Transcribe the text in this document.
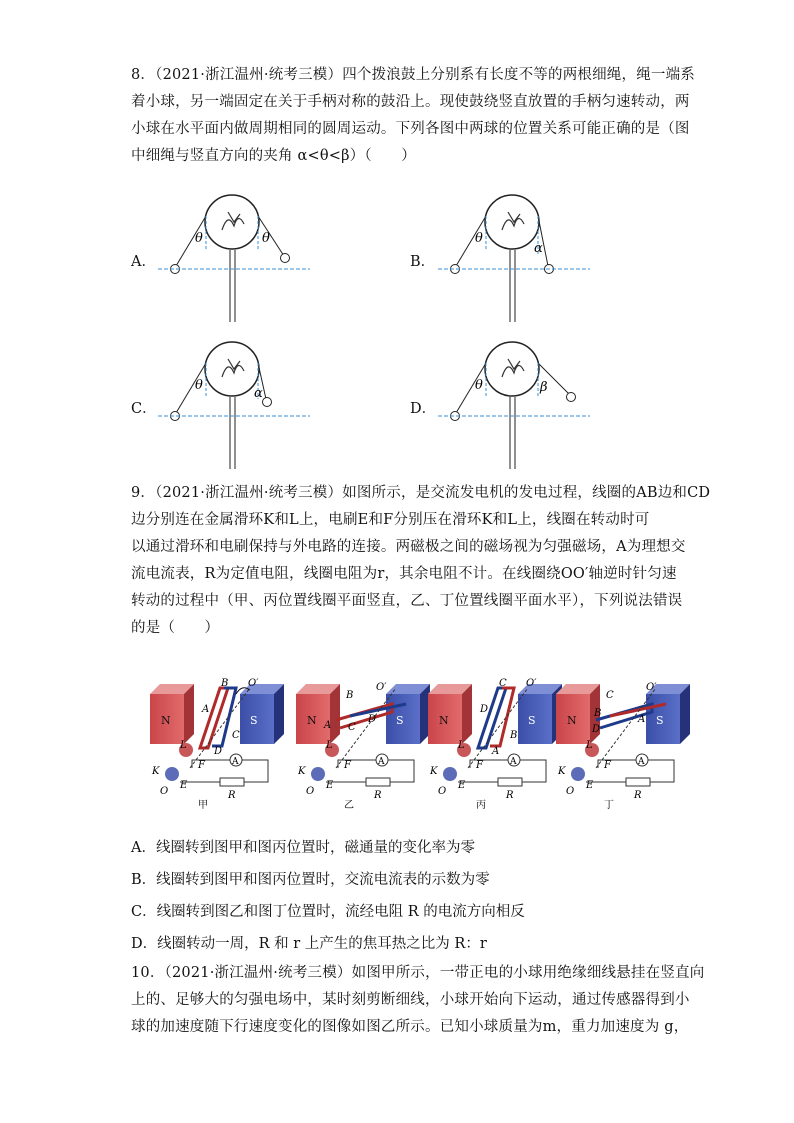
8．（2021·浙江温州·统考三模）四个拨浪鼓上分别系有长度不等的两根细绳，绳一端系
着小球，另一端固定在关于手柄对称的鼓沿上。现使鼓绕竖直放置的手柄匀速转动，两
小球在水平面内做周期相同的圆周运动。下列各图中两球的位置关系可能正确的是（图
中细绳与竖直方向的夹角 α<θ<β）（　　）
A．	B．
C．	D．
θ	θ	θ
α
θ
α
θ	β
9．（2021·浙江温州·统考三模）如图所示，是交流发电机的发电过程，线圈的AB边和CD
边分别连在金属滑环K和L上，电刷E和F分别压在滑环K和L上，线圈在转动时可
以通过滑环和电刷保持与外电路的连接。两磁极之间的磁场视为匀强磁场，A为理想交
流电流表，R为定值电阻，线圈电阻为r，其余电阻不计。在线圈绕OO′轴逆时针匀速
转动的过程中（甲、丙位置线圈平面竖直，乙、丁位置线圈平面水平），下列说法错误
的是（　　）
N	S
B O′
A
C
D
L
F
K
O
E
A
R
甲
N	S
B
O′
C
D
A
L
F
K
O
E
A
R
乙
N	S
C O′
D
B
A
L
F
K
O
E
A
R
丙
N	S
C
O′
B
D
A
L
F
K
O
E
A
R
丁
A．线圈转到图甲和图丙位置时，磁通量的变化率为零
B．线圈转到图甲和图丙位置时，交流电流表的示数为零
C．线圈转到图乙和图丁位置时，流经电阻 R 的电流方向相反
D．线圈转动一周，R 和 r 上产生的焦耳热之比为 R：r
10．（2021·浙江温州·统考三模）如图甲所示，一带正电的小球用绝缘细线悬挂在竖直向
上的、足够大的匀强电场中，某时刻剪断细线，小球开始向下运动，通过传感器得到小
球的加速度随下行速度变化的图像如图乙所示。已知小球质量为m，重力加速度为 g，
